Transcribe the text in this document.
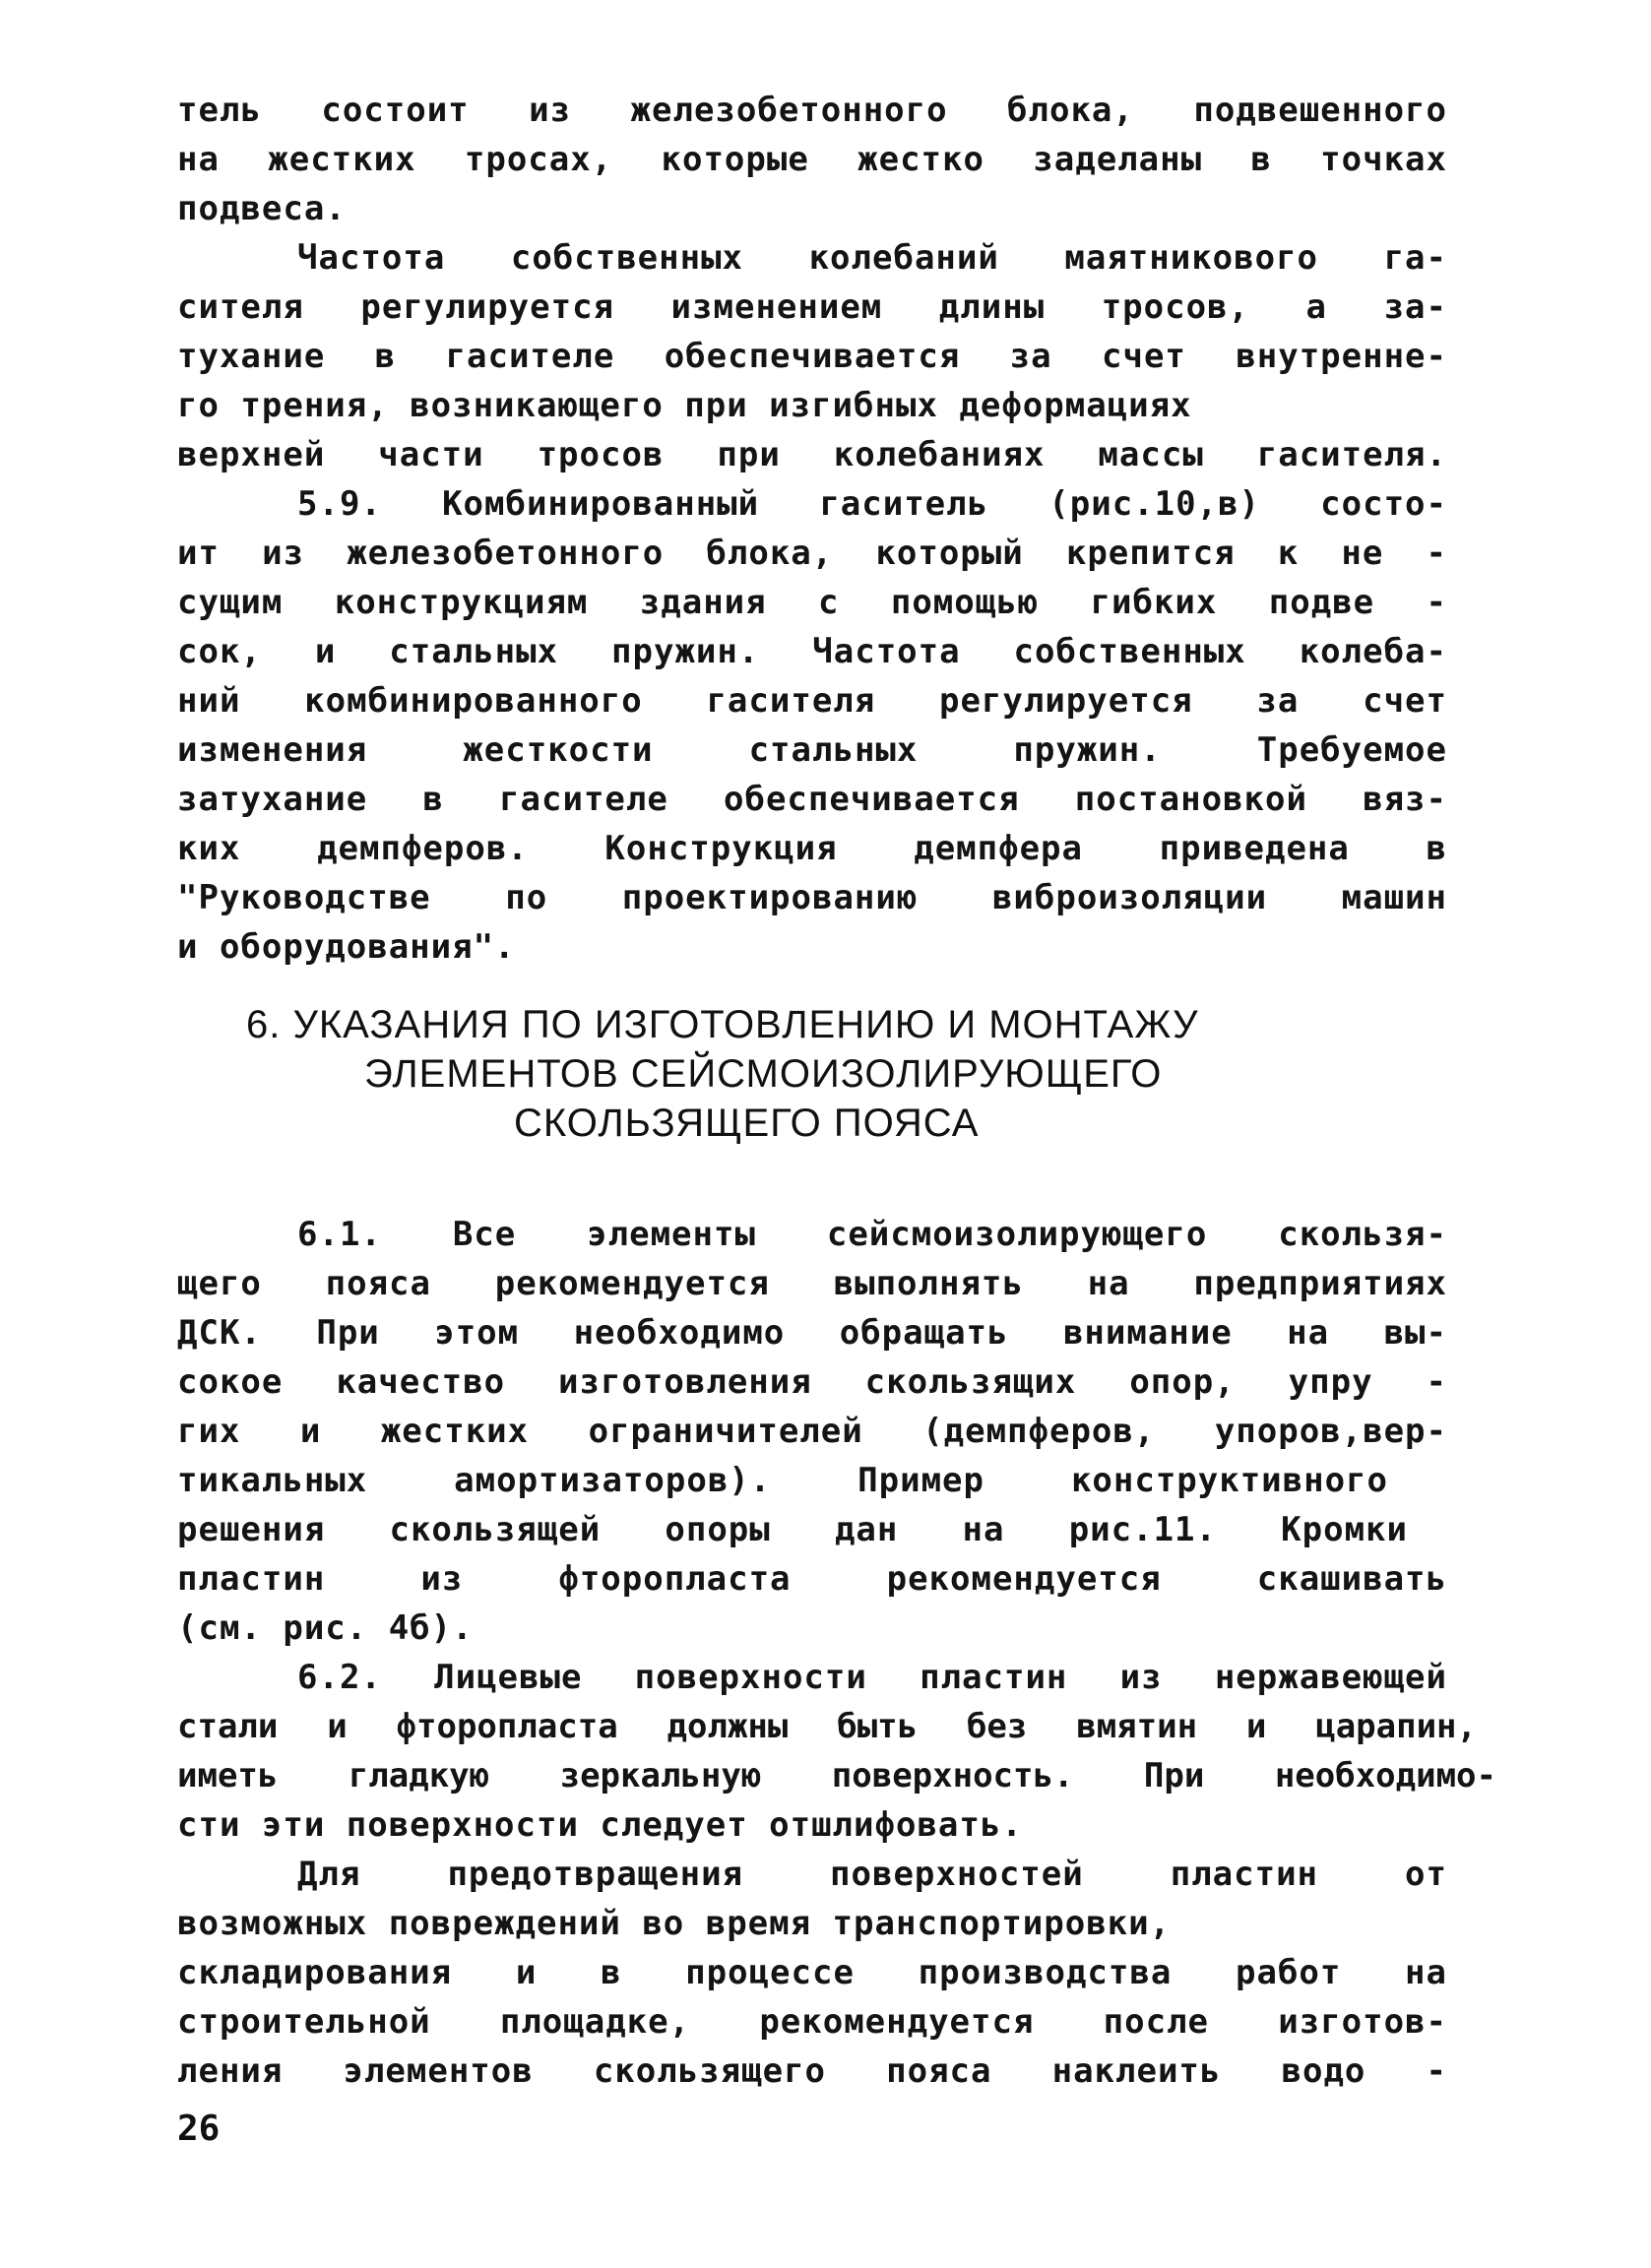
тель состоит из железобетонного блока, подвешенного
на жестких тросах, которые жестко заделаны в точках
подвеса.
Частота собственных колебаний маятникового га-
сителя регулируется изменением длины тросов, а за-
тухание в гасителе обеспечивается за счет внутренне-
го трения, возникающего при изгибных деформациях
верхней части тросов при колебаниях массы гасителя.
5.9. Комбинированный гаситель (рис.10,в) состо-
ит из железобетонного блока, который крепится к не -
сущим конструкциям здания с помощью гибких подве -
сок, и стальных пружин. Частота собственных колеба-
ний комбинированного гасителя регулируется за счет
изменения жесткости стальных пружин. Требуемое
затухание в гасителе обеспечивается постановкой вяз-
ких демпферов. Конструкция демпфера приведена в
"Руководстве по проектированию виброизоляции машин
и оборудования".
6. УКАЗАНИЯ ПО ИЗГОТОВЛЕНИЮ И МОНТАЖУ
ЭЛЕМЕНТОВ СЕЙСМОИЗОЛИРУЮЩЕГО
СКОЛЬЗЯЩЕГО ПОЯСА
6.1. Все элементы сейсмоизолирующего скользя-
щего пояса рекомендуется выполнять на предприятиях
ДСК. При этом необходимо обращать внимание на вы-
сокое качество изготовления скользящих опор, упру -
гих и жестких ограничителей (демпферов, упоров,вер-
тикальных амортизаторов). Пример конструктивного
решения скользящей опоры дан на рис.11. Кромки
пластин из фторопласта рекомендуется скашивать
(см. рис. 4б).
6.2. Лицевые поверхности пластин из нержавеющей
стали и фторопласта должны быть без вмятин и царапин,
иметь гладкую зеркальную поверхность. При необходимо-
сти эти поверхности следует отшлифовать.
Для предотвращения поверхностей пластин от
возможных повреждений во время транспортировки,
складирования и в процессе производства работ на
строительной площадке, рекомендуется после изготов-
ления элементов скользящего пояса наклеить водо -
26
